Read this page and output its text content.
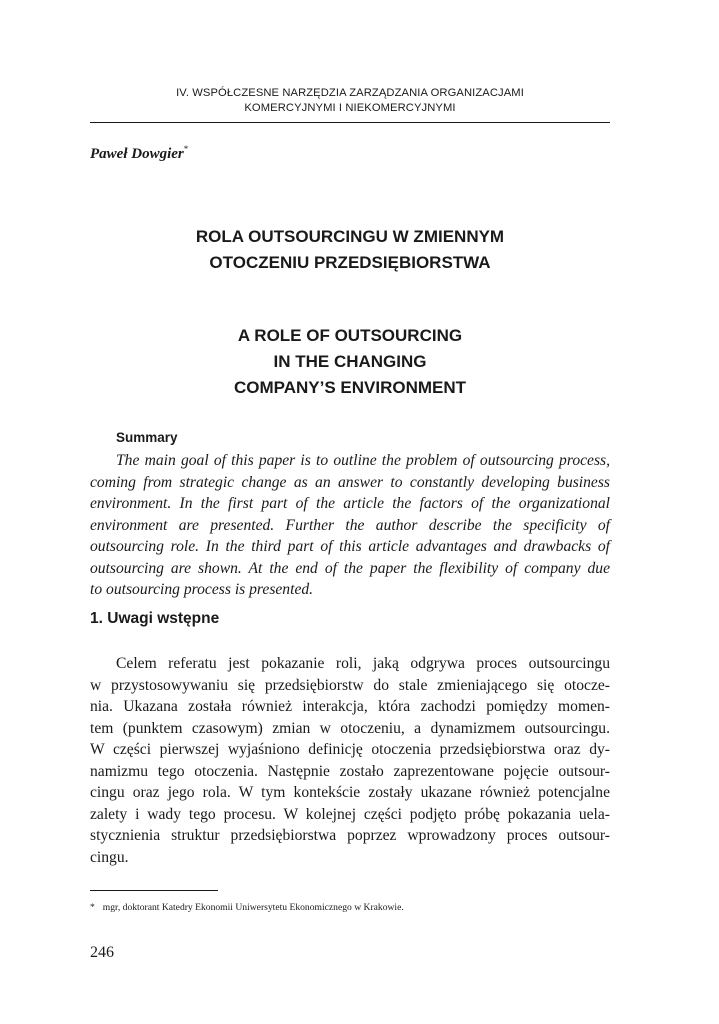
IV. WSPÓŁCZESNE NARZĘDZIA ZARZĄDZANIA ORGANIZACJAMI
KOMERCYJNYMI I NIEKOMERCYJNYMI
Paweł Dowgier*
ROLA OUTSOURCINGU W ZMIENNYM
OTOCZENIU PRZEDSIĘBIORSTWA
A ROLE OF OUTSOURCING
IN THE CHANGING
COMPANY’S ENVIRONMENT
Summary
The main goal of this paper is to outline the problem of outsourcing process,
coming from strategic change as an answer to constantly developing business
environment. In the first part of the article the factors of the organizational
environment are presented. Further the author describe the specificity of
outsourcing role. In the third part of this article advantages and drawbacks of
outsourcing are shown. At the end of the paper the flexibility of company due
to outsourcing process is presented.
1. Uwagi wstępne
Celem referatu jest pokazanie roli, jaką odgrywa proces outsourcingu
w przystosowywaniu się przedsiębiorstw do stale zmieniającego się otocze-
nia. Ukazana została również interakcja, która zachodzi pomiędzy momen-
tem (punktem czasowym) zmian w otoczeniu, a dynamizmem outsourcingu.
W części pierwszej wyjaśniono definicję otoczenia przedsiębiorstwa oraz dy-
namizmu tego otoczenia. Następnie zostało zaprezentowane pojęcie outsour-
cingu oraz jego rola. W tym kontekście zostały ukazane również potencjalne
zalety i wady tego procesu. W kolejnej części podjęto próbę pokazania uela-
stycznienia struktur przedsiębiorstwa poprzez wprowadzony proces outsour-
cingu.
* mgr, doktorant Katedry Ekonomii Uniwersytetu Ekonomicznego w Krakowie.
246
